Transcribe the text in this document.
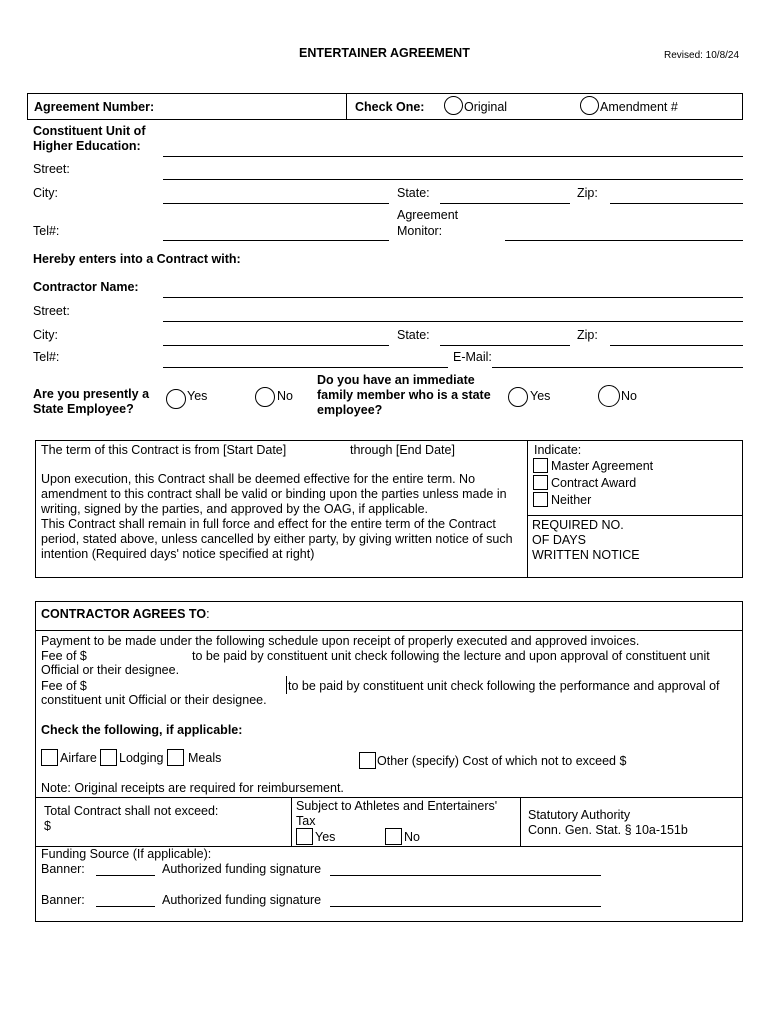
ENTERTAINER AGREEMENT	Revised: 10/8/24
Agreement Number:	Check One:	Original	Amendment #
Constituent Unit of
Higher Education:
Street:
City:	State:	Zip:
Agreement
Monitor:
Tel#:
Hereby enters into a Contract with:
Contractor Name:
Street:
City:	State:	Zip:
Tel#:	E-Mail:
Are you presently a
State Employee?
Yes	No
Do you have an immediate
family member who is a state
employee?
Yes	No
The term of this Contract is from [Start Date]	through [End Date]
Upon execution, this Contract shall be deemed effective for the entire term. No
amendment to this contract shall be valid or binding upon the parties unless made in
writing, signed by the parties, and approved by the OAG, if applicable.
This Contract shall remain in full force and effect for the entire term of the Contract
period, stated above, unless cancelled by either party, by giving written notice of such
intention (Required days' notice specified at right)
Indicate:
Master Agreement
Contract Award
Neither
REQUIRED NO.
OF DAYS
WRITTEN NOTICE
CONTRACTOR AGREES TO:
Payment to be made under the following schedule upon receipt of properly executed and approved invoices.
Fee of $	to be paid by constituent unit check following the lecture and upon approval of constituent unit
Official or their designee.
Fee of $	to be paid by constituent unit check following the performance and approval of
constituent unit Official or their designee.
Check the following, if applicable:
Airfare Lodging Meals	Other (specify) Cost of which not to exceed $
Note: Original receipts are required for reimbursement.
Total Contract shall not exceed:
$
Subject to Athletes and Entertainers'
Tax
Yes	No
Statutory Authority
Conn. Gen. Stat. § 10a-151b
Funding Source (If applicable):
Banner:	Authorized funding signature
Banner:	Authorized funding signature
